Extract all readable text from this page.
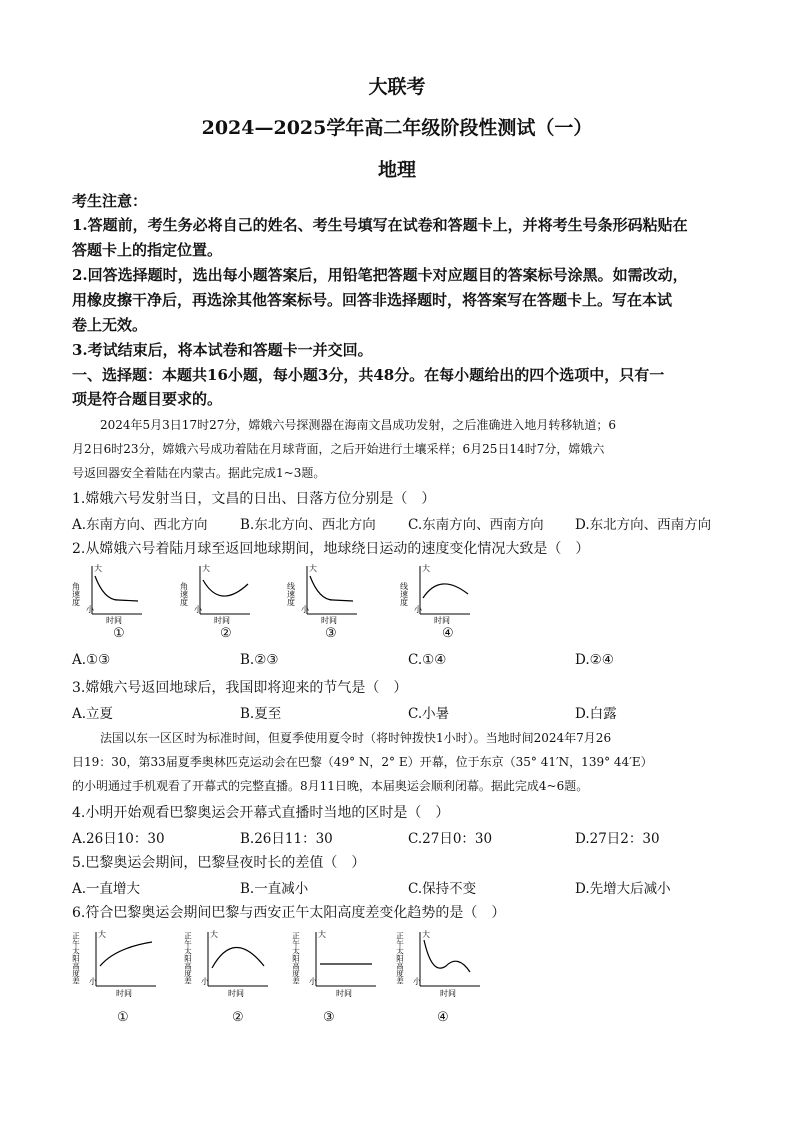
大联考
2024—2025学年高二年级阶段性测试（一）
地理
考生注意：
1.答题前，考生务必将自己的姓名、考生号填写在试卷和答题卡上，并将考生号条形码粘贴在
答题卡上的指定位置。
2.回答选择题时，选出每小题答案后，用铅笔把答题卡对应题目的答案标号涂黑。如需改动，
用橡皮擦干净后，再选涂其他答案标号。回答非选择题时，将答案写在答题卡上。写在本试
卷上无效。
3.考试结束后，将本试卷和答题卡一并交回。
一、选择题：本题共16小题，每小题3分，共48分。在每小题给出的四个选项中，只有一
项是符合题目要求的。
2024年5月3日17时27分，嫦娥六号探测器在海南文昌成功发射，之后准确进入地月转移轨道；6
月2日6时23分，嫦娥六号成功着陆在月球背面，之后开始进行土壤采样；6月25日14时7分，嫦娥六
号返回器安全着陆在内蒙古。据此完成1~3题。
1.嫦娥六号发射当日，文昌的日出、日落方位分别是（　）
A.东南方向、西北方向 B.东北方向、西北方向 C.东南方向、西南方向 D.东北方向、西南方向
2.从嫦娥六号着陆月球至返回地球期间，地球绕日运动的速度变化情况大致是（　）
大
小
时间
角速度
①
大
小
时间
角速度
②
大
小
时间
线速度
③
大
小
时间
线速度
④
A.①③	B.②③	C.①④	D.②④
3.嫦娥六号返回地球后，我国即将迎来的节气是（　）
A.立夏	B.夏至	C.小暑	D.白露
法国以东一区区时为标准时间，但夏季使用夏令时（将时钟拨快1小时）。当地时间2024年7月26
日19：30，第33届夏季奥林匹克运动会在巴黎（49° N，2° E）开幕，位于东京（35° 41′N，139° 44′E）
的小明通过手机观看了开幕式的完整直播。8月11日晚，本届奥运会顺利闭幕。据此完成4~6题。
4.小明开始观看巴黎奥运会开幕式直播时当地的区时是（　）
A.26日10：30	B.26日11：30	C.27日0：30	D.27日2：30
5.巴黎奥运会期间，巴黎昼夜时长的差值（　）
A.一直增大	B.一直减小	C.保持不变	D.先增大后减小
6.符合巴黎奥运会期间巴黎与西安正午太阳高度差变化趋势的是（　）
大
小
时间
正午太阳高度差
①
大
小
时间
正午太阳高度差
②
大
小
时间
正午太阳高度差
③
大
小
时间
正午太阳高度差
④
